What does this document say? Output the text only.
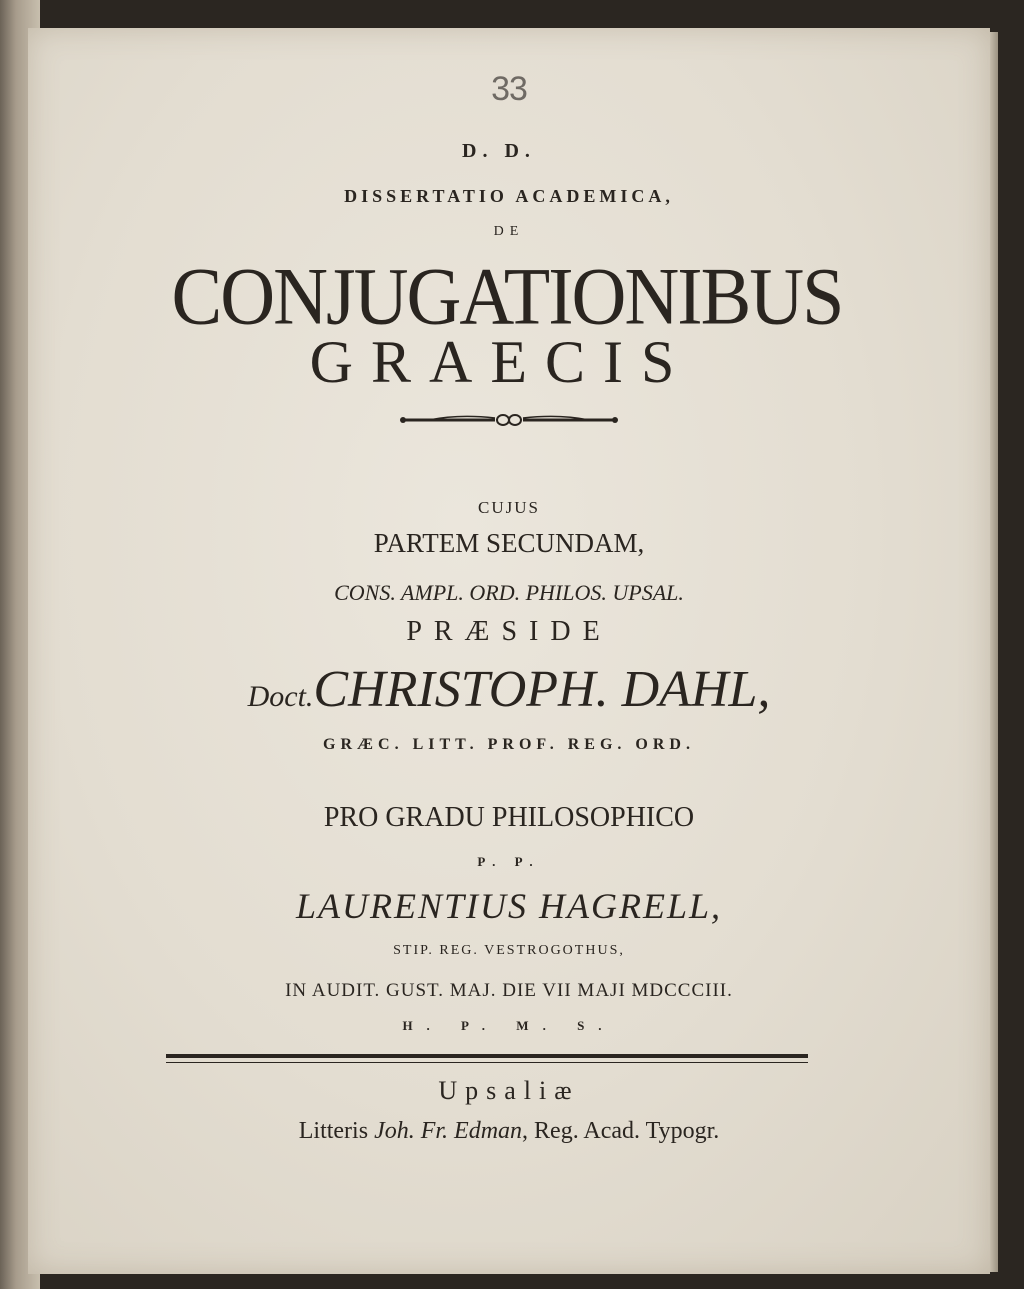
33
D. D.
DISSERTATIO ACADEMICA,
DE
CONJUGATIONIBUS
GRAECIS
CUJUS
PARTEM SECUNDAM,
CONS. AMPL. ORD. PHILOS. UPSAL.
PRÆSIDE
Doct.CHRISTOPH. DAHL,
GRÆC. LITT. PROF. REG. ORD.
PRO GRADU PHILOSOPHICO
P. P.
LAURENTIUS HAGRELL,
STIP. REG. VESTROGOTHUS,
IN AUDIT. GUST. MAJ. DIE VII MAJI MDCCCIII.
H. P. M. S.
Upsaliæ
Litteris Joh. Fr. Edman, Reg. Acad. Typogr.
